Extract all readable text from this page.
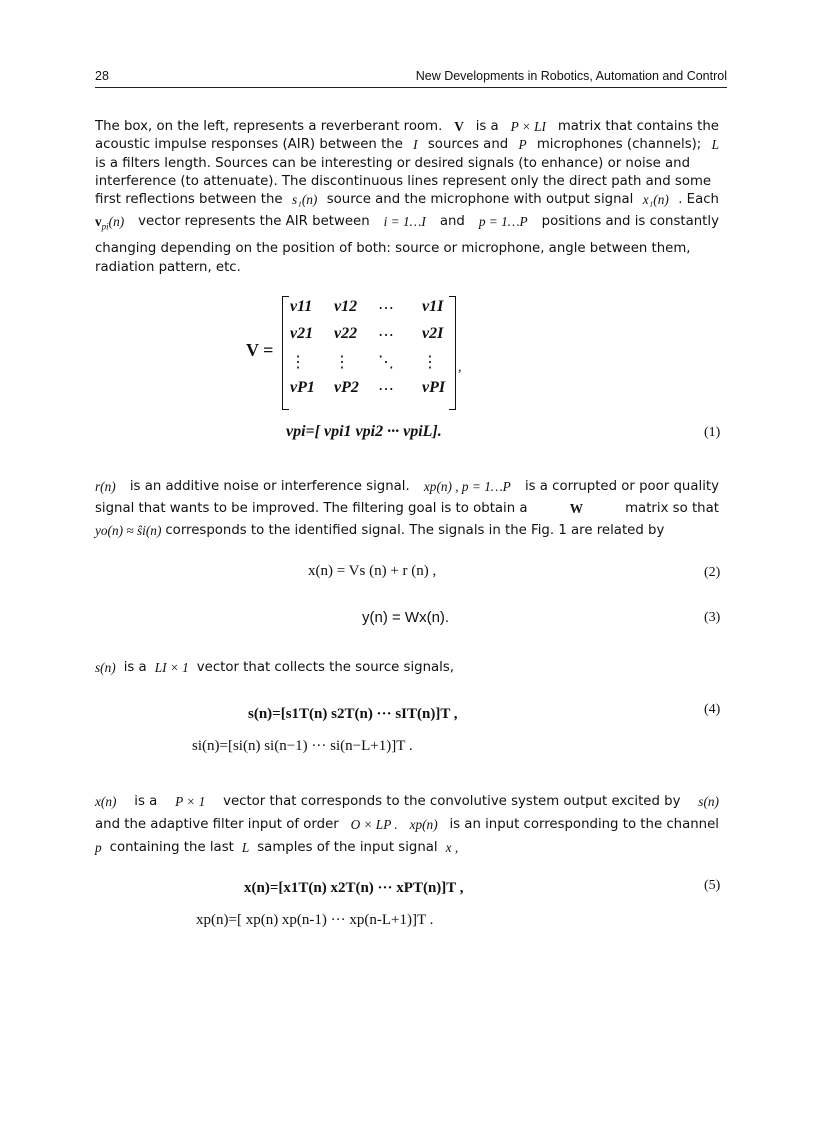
28	New Developments in Robotics, Automation and Control
The box, on the left, represents a reverberant room. V is a P × LI matrix that contains the
acoustic impulse responses (AIR) between the I sources and P microphones (channels); L
is a filters length. Sources can be interesting or desired signals (to enhance) or noise and
interference (to attenuate). The discontinuous lines represent only the direct path and some
first reflections between the s₁(n) source and the microphone with output signal x₁(n) . Each
$v_{pi}(n)$ vector represents the AIR between i = 1…I and p = 1…P positions and is constantly
changing depending on the position of both: source or microphone, angle between them,
radiation pattern, etc.
V =
v11	v12	⋯	v1I
v21	v22	⋯	v2I
⋮	⋮	⋱	⋮
vP1	vP2	⋯	vPI
,
vpi=[ vpi1 vpi2 ··· vpiL].	(1)
r(n) is an additive noise or interference signal. xp(n) , p = 1…P is a corrupted or poor quality
signal that wants to be improved. The filtering goal is to obtain a	W	matrix so that
yo(n) ≈ ŝi(n) corresponds to the identified signal. The signals in the Fig. 1 are related by
x(n) = Vs (n) + r (n) ,	(2)
y(n) = Wx(n).	(3)
s(n) is a LI × 1 vector that collects the source signals,
s(n)=[s1T(n) s2T(n) ··· sIT(n)]T ,
si(n)=[si(n) si(n−1) ··· si(n−L+1)]T .
(4)
x(n) is a P × 1 vector that corresponds to the convolutive system output excited by s(n)
and the adaptive filter input of order O × LP . xp(n) is an input corresponding to the channel
p containing the last L samples of the input signal x ,
x(n)=[x1T(n) x2T(n) ··· xPT(n)]T ,
xp(n)=[ xp(n) xp(n-1) ··· xp(n-L+1)]T .
(5)
